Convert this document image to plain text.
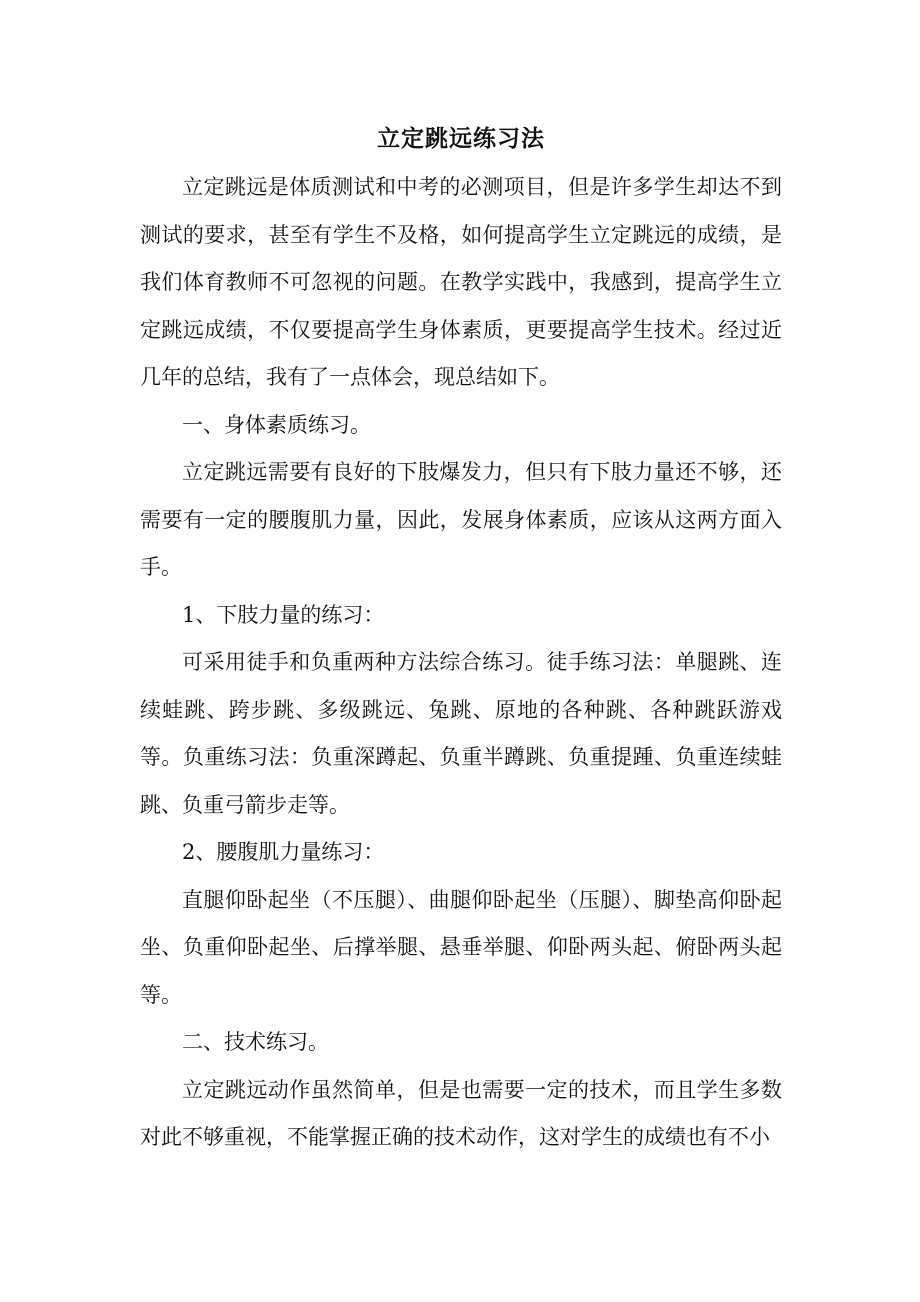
立定跳远练习法

立定跳远是体质测试和中考的必测项目，但是许多学生却达不到测试的要求，甚至有学生不及格，如何提高学生立定跳远的成绩，是我们体育教师不可忽视的问题。在教学实践中，我感到，提高学生立定跳远成绩，不仅要提高学生身体素质，更要提高学生技术。经过近几年的总结，我有了一点体会，现总结如下。

一、身体素质练习。

立定跳远需要有良好的下肢爆发力，但只有下肢力量还不够，还需要有一定的腰腹肌力量，因此，发展身体素质，应该从这两方面入手。

1、下肢力量的练习：

可采用徒手和负重两种方法综合练习。徒手练习法：单腿跳、连续蛙跳、跨步跳、多级跳远、兔跳、原地的各种跳、各种跳跃游戏等。负重练习法：负重深蹲起、负重半蹲跳、负重提踵、负重连续蛙跳、负重弓箭步走等。

2、腰腹肌力量练习：

直腿仰卧起坐（不压腿）、曲腿仰卧起坐（压腿）、脚垫高仰卧起坐、负重仰卧起坐、后撑举腿、悬垂举腿、仰卧两头起、俯卧两头起等。

二、技术练习。

立定跳远动作虽然简单，但是也需要一定的技术，而且学生多数对此不够重视，不能掌握正确的技术动作，这对学生的成绩也有不小
